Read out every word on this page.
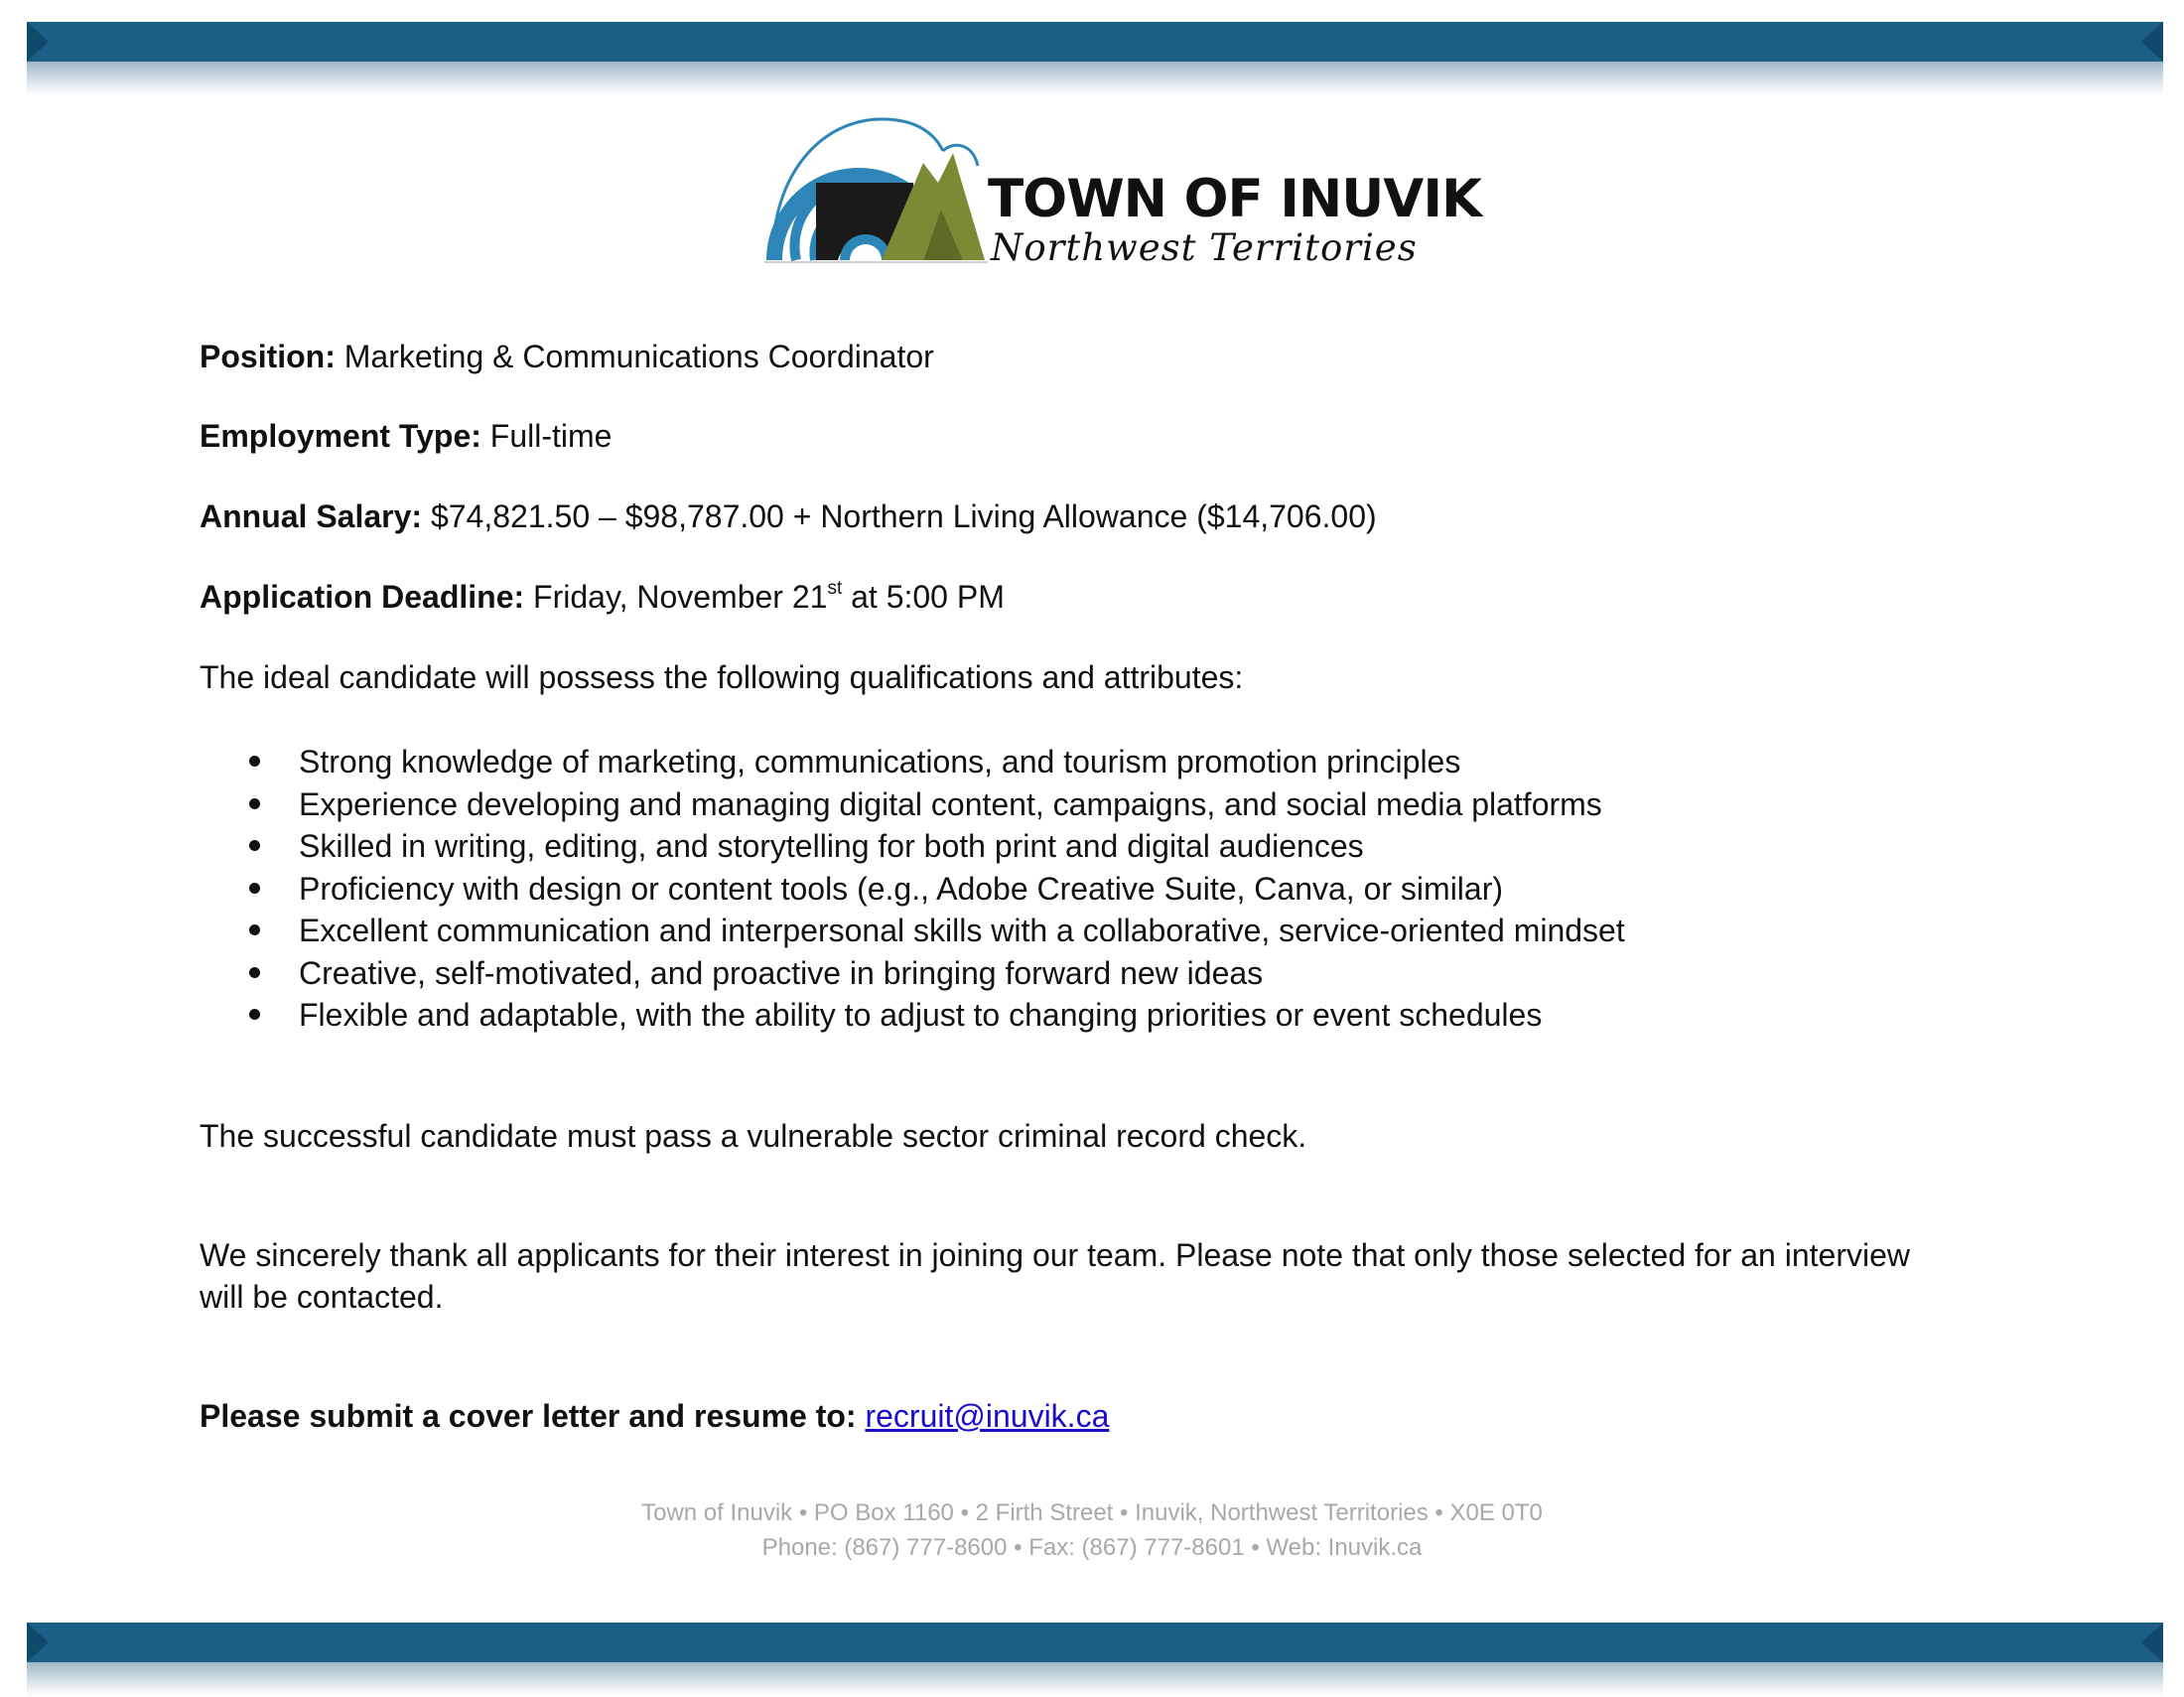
TOWN OF INUVIK
Northwest Territories
Position: Marketing & Communications Coordinator
Employment Type: Full-time
Annual Salary: $74,821.50 – $98,787.00 + Northern Living Allowance ($14,706.00)
Application Deadline: Friday, November 21st at 5:00 PM
The ideal candidate will possess the following qualifications and attributes:
Strong knowledge of marketing, communications, and tourism promotion principles
Experience developing and managing digital content, campaigns, and social media platforms
Skilled in writing, editing, and storytelling for both print and digital audiences
Proficiency with design or content tools (e.g., Adobe Creative Suite, Canva, or similar)
Excellent communication and interpersonal skills with a collaborative, service-oriented mindset
Creative, self-motivated, and proactive in bringing forward new ideas
Flexible and adaptable, with the ability to adjust to changing priorities or event schedules
The successful candidate must pass a vulnerable sector criminal record check.
We sincerely thank all applicants for their interest in joining our team. Please note that only those selected for an interview will be contacted.
Please submit a cover letter and resume to: recruit@inuvik.ca
Town of Inuvik • PO Box 1160 • 2 Firth Street • Inuvik, Northwest Territories • X0E 0T0
Phone: (867) 777-8600 • Fax: (867) 777-8601 • Web: Inuvik.ca
